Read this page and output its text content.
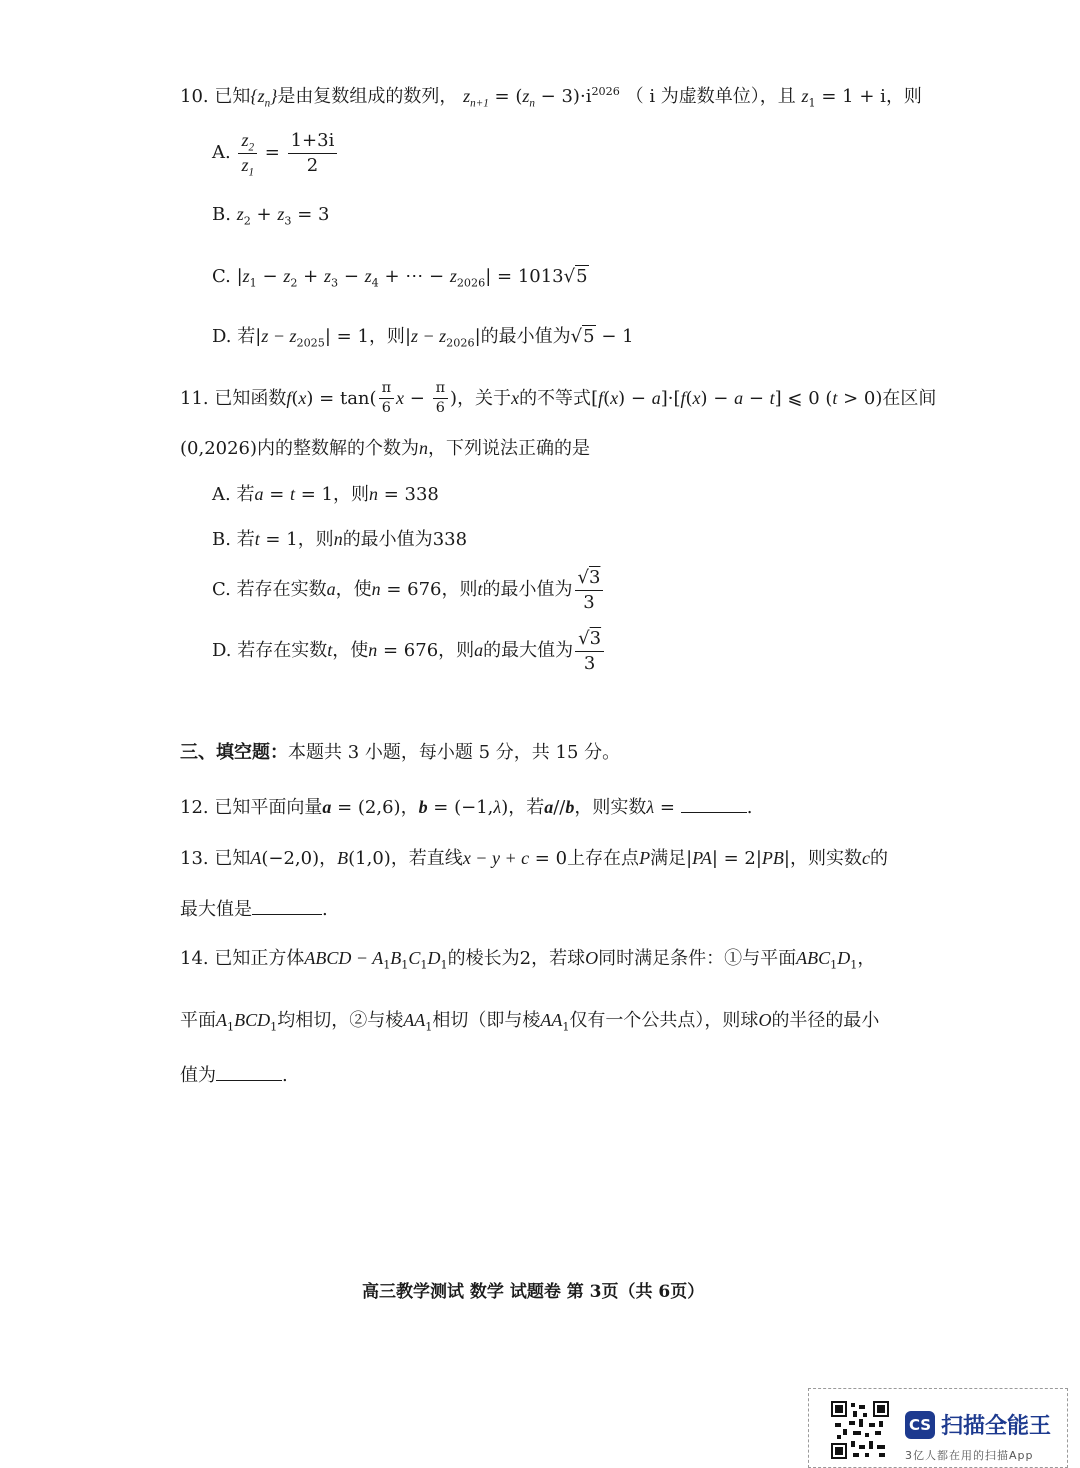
10. 已知$\{z_n\}$是由复数组成的数列， $z_{n+1} = (z_n - 3)\cdot i^{2026}$ （ i 为虚数单位），且 $z_1 = 1 + i$，则
A. $\frac{z_2}{z_1} = \frac{1+3i}{2}$
B. $z_2 + z_3 = 3$
C. $|z_1 - z_2 + z_3 - z_4$ + ⋯ − $z_{2026}| = 1013√5$
D. 若$|z - z_{2025}| = 1$，则$|z - z_{2026}|$的最小值为√5 − 1
11. 已知函数$f(x) = \tan( \frac{\pi}{6}$ $x - \frac{\pi}{6}$ )，关于x的不等式[f(x) − a]·[f(x) − a − t] ⩽ 0 (t > 0)在区间
(0,2026)内的整数解的个数为n，下列说法正确的是
A. 若a = t = 1，则n = 338
B. 若t = 1，则n的最小值为338
C. 若存在实数a，使n = 676，则t的最小值为 $\frac{√3}{3}$
D. 若存在实数t，使n = 676，则a的最大值为 $\frac{√3}{3}$
三、填空题：本题共 3 小题，每小题 5 分，共 15 分。
12. 已知平面向量a = (2,6)，b = (−1,λ)，若a//b，则实数λ =	.
13. 已知A(−2,0)，B(1,0)，若直线x − y + c = 0上存在点P满足|PA| = 2|PB|，则实数c的
最大值是	.
14. 已知正方体ABCD − $A_1B_1C_1D_1$的棱长为2，若球O同时满足条件：①与平面$ABC_1D_1$，
平面$A_1BCD_1$均相切，②与棱$AA_1$相切（即与棱$AA_1$仅有一个公共点），则球O的半径的最小
值为	.
高三教学测试 数学 试题卷 第 3页（共 6页）
CS 扫描全能王
3亿人都在用的扫描App
